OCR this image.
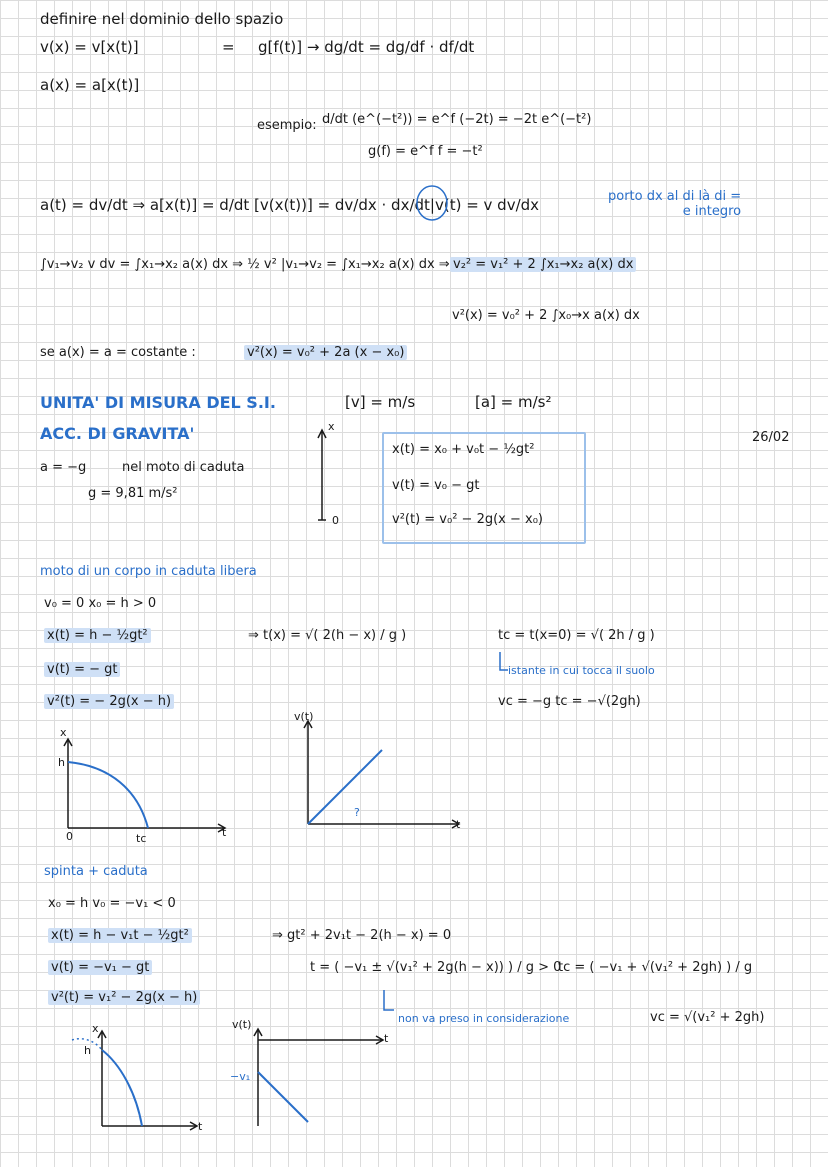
definire nel dominio dello spazio
v(x) = v[x(t)]	= g[f(t)] → dg/dt = dg/df · df/dt
a(x) = a[x(t)]
esempio: d/dt (e^(−t²)) = e^f (−2t) = −2t e^(−t²)
g(f) = e^f f = −t²
a(t) = dv/dt ⇒ a[x(t)] = d/dt [v(x(t))] = dv/dx · dx/dt|v(t) = v dv/dx	porto dx al di là di =
e integro
∫v₁→v₂ v dv = ∫x₁→x₂ a(x) dx ⇒ ½ v² |v₁→v₂ = ∫x₁→x₂ a(x) dx ⇒ v₂² = v₁² + 2 ∫x₁→x₂ a(x) dx
v²(x) = v₀² + 2 ∫x₀→x a(x) dx
se a(x) = a = costante :	v²(x) = v₀² + 2a (x − x₀)
UNITA' DI MISURA DEL S.I.	[v] = m/s	[a] = m/s²
26/02
ACC. DI GRAVITA'
a = −g	nel moto di caduta
g = 9,81 m/s²
x
0
x(t) = x₀ + v₀t − ½gt²
v(t) = v₀ − gt
v²(t) = v₀² − 2g(x − x₀)
moto di un corpo in caduta libera
v₀ = 0 x₀ = h > 0
x(t) = h − ½gt²
v(t) = − gt
v²(t) = − 2g(x − h)
⇒ t(x) = √( 2(h − x) / g )	tc = t(x=0) = √( 2h / g )
istante in cui tocca il suolo
vc = −g tc = −√(2gh)
x
h
0	tc	t
v(t)
?
t
spinta + caduta
x₀ = h v₀ = −v₁ < 0
x(t) = h − v₁t − ½gt²
v(t) = −v₁ − gt
v²(t) = v₁² − 2g(x − h)
⇒ gt² + 2v₁t − 2(h − x) = 0
t = ( −v₁ ± √(v₁² + 2g(h − x)) ) / g > 0
non va preso in considerazione
tc = ( −v₁ + √(v₁² + 2gh) ) / g
vc = √(v₁² + 2gh)
x
h
t
v(t)
−v₁
t
